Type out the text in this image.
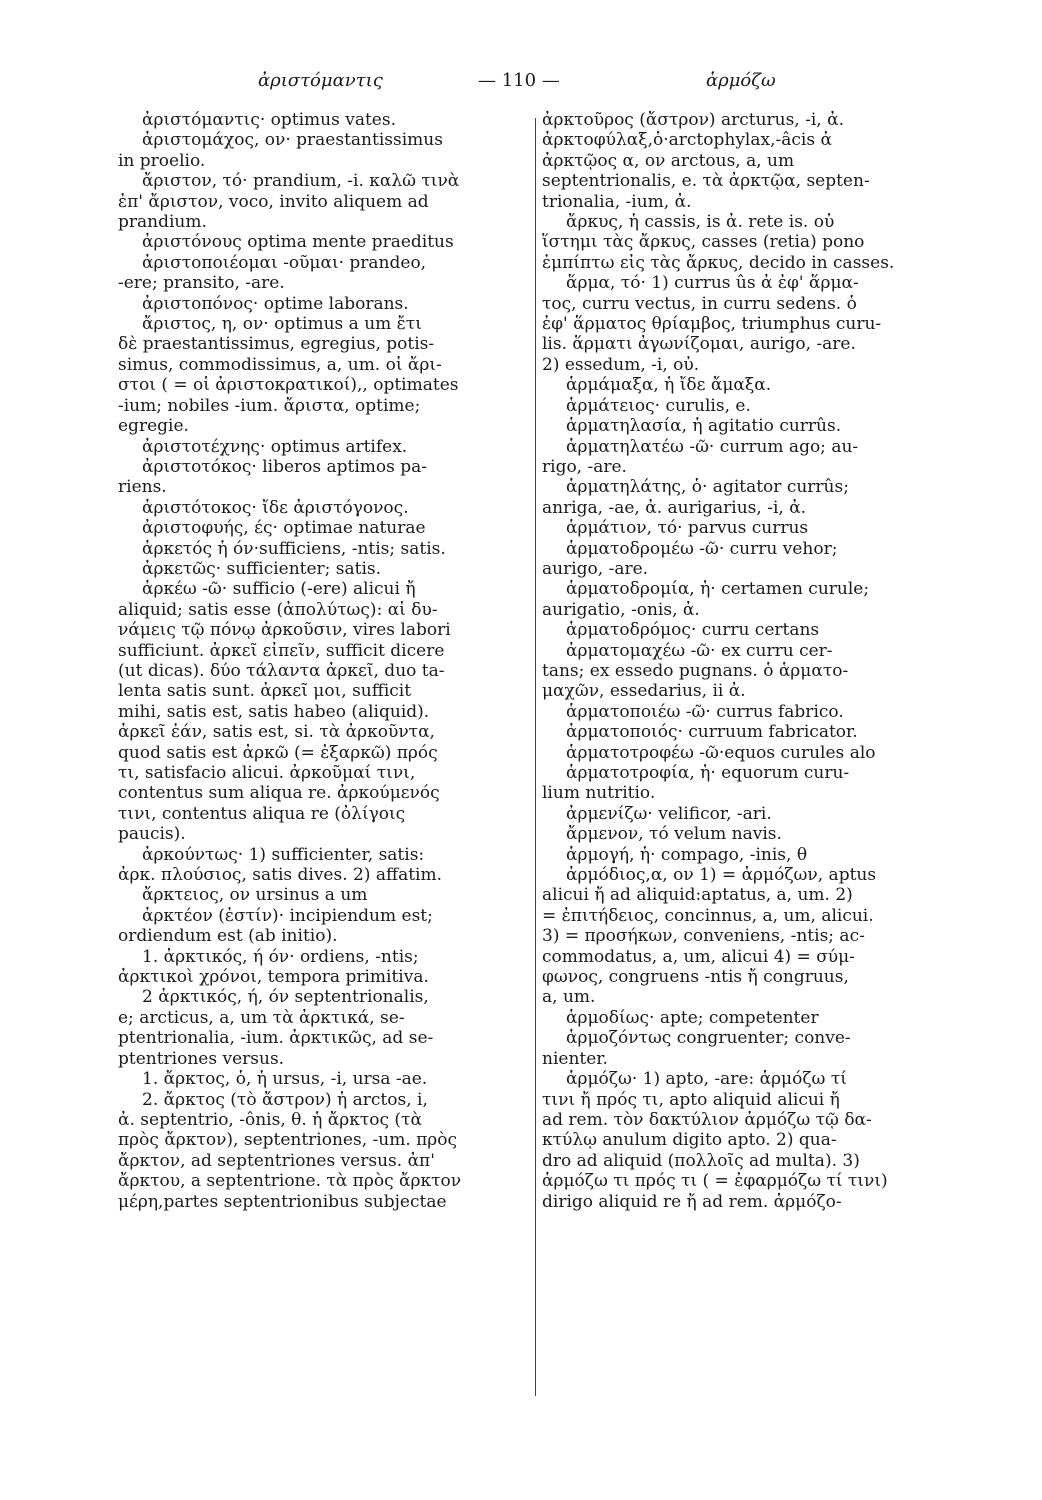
ἀριστόμαντις	— 110 —	ἁρμόζω
ἀριστόμαντις· optimus vates.
ἀριστομάχος, ον· praestantissimus
in proelio.
ἄριστον, τό· prandium, -i. καλῶ τινὰ
ἐπ' ἄριστον, voco, invito aliquem ad
prandium.
ἀριστόνους optima mente praeditus
ἀριστοποιέομαι -οῦμαι· prandeo,
-ere; pransito, -are.
ἀριστοπόνος· optime laborans.
ἄριστος, η, ον· optimus a um ἔτι
δὲ praestantissimus, egregius, potis-
simus, commodissimus, a, um. οἱ ἄρι-
στοι ( = οἱ ἀριστοκρατικοί),, optimates
-ium; nobiles -ium. ἄριστα, optime;
egregie.
ἀριστοτέχνης· optimus artifex.
ἀριστοτόκος· liberos aptimos pa-
riens.
ἀριστότοκος· ἴδε ἀριστόγονος.
ἀριστοφυής, ές· optimae naturae
ἀρκετός ἡ όν·sufficiens, -ntis; satis.
ἀρκετῶς· sufficienter; satis.
ἀρκέω -ῶ· sufficio (-ere) alicui ἤ
aliquid; satis esse (ἀπολύτως): αἱ δυ-
νάμεις τῷ πόνῳ ἀρκοῦσιν, vires labori
sufficiunt. ἀρκεῖ εἰπεῖν, sufficit dicere
(ut dicas). δύο τάλαντα ἀρκεῖ, duo ta-
lenta satis sunt. ἀρκεῖ μοι, sufficit
mihi, satis est, satis habeo (aliquid).
ἀρκεῖ ἐάν, satis est, si. τὰ ἀρκοῦντα,
quod satis est ἀρκῶ (= ἐξαρκῶ) πρός
τι, satisfacio alicui. ἀρκοῦμαί τινι,
contentus sum aliqua re. ἀρκούμενός
τινι, contentus aliqua re (ὀλίγοις
paucis).
ἀρκούντως· 1) sufficienter, satis:
ἀρκ. πλούσιος, satis dives. 2) affatim.
ἄρκτειος, ον ursinus a um
ἀρκτέον (ἐστίν)· incipiendum est;
ordiendum est (ab initio).
1. ἀρκτικός, ή όν· ordiens, -ntis;
ἀρκτικοὶ χρόνοι, tempora primitiva.
2 ἀρκτικός, ή, όν septentrionalis,
e; arcticus, a, um τὰ ἀρκτικά, se-
ptentrionalia, -ium. ἀρκτικῶς, ad se-
ptentriones versus.
1. ἄρκτος, ὁ, ἡ ursus, -i, ursa -ae.
2. ἄρκτος (τὸ ἄστρον) ἡ arctos, i,
ἀ. septentrio, -ônis, θ. ἡ ἄρκτος (τὰ
πρὸς ἄρκτον), septentriones, -um. πρὸς
ἄρκτον, ad septentriones versus. ἀπ'
ἄρκτου, a septentrione. τὰ πρὸς ἄρκτον
μέρη,partes septentrionibus subjectae
ἀρκτοῦρος (ἄστρον) arcturus, -i, ἀ.
ἀρκτοφύλαξ,ὁ·arctophylax,-âcis ἀ
ἀρκτῷος α, ον arctous, a, um
septentrionalis, e. τὰ ἀρκτῷα, septen-
trionalia, -ium, ἀ.
ἄρκυς, ἡ cassis, is ἀ. rete is. οὐ
ἵστημι τὰς ἄρκυς, casses (retia) pono
ἐμπίπτω εἰς τὰς ἄρκυς, decido in casses.
ἅρμα, τό· 1) currus ûs ἀ ἐφ' ἅρμα-
τος, curru vectus, in curru sedens. ὁ
ἐφ' ἅρματος θρίαμβος, triumphus curu-
lis. ἅρματι ἀγωνίζομαι, aurigo, -are.
2) essedum, -i, οὐ.
ἁρμάμαξα, ἡ ἴδε ἄμαξα.
ἁρμάτειος· curulis, e.
ἁρματηλασία, ἡ agitatio currûs.
ἁρματηλατέω -ῶ· currum ago; au-
rigo, -are.
ἁρματηλάτης, ὁ· agitator currûs;
anriga, -ae, ἀ. aurigarius, -i, ἀ.
ἁρμάτιον, τό· parvus currus
ἁρματοδρομέω -ῶ· curru vehor;
aurigo, -are.
ἁρματοδρομία, ἡ· certamen curule;
aurigatio, -onis, ἀ.
ἁρματοδρόμος· curru certans
ἁρματομαχέω -ῶ· ex curru cer-
tans; ex essedo pugnans. ὁ ἁρματο-
μαχῶν, essedarius, ii ἀ.
ἁρματοποιέω -ῶ· currus fabrico.
ἁρματοποιός· curruum fabricator.
ἁρματοτροφέω -ῶ·equos curules alo
ἁρματοτροφία, ἡ· equorum curu-
lium nutritio.
ἀρμενίζω· velificor, -ari.
ἄρμενον, τό velum navis.
ἁρμογή, ἡ· compago, -inis, θ
ἁρμόδιος,α, ον 1) = ἁρμόζων, aptus
alicui ἤ ad aliquid:aptatus, a, um. 2)
= ἐπιτήδειος, concinnus, a, um, alicui.
3) = προσήκων, conveniens, -ntis; ac-
commodatus, a, um, alicui 4) = σύμ-
φωνος, congruens -ntis ἤ congruus,
a, um.
ἁρμοδίως· apte; competenter
ἁρμοζόντως congruenter; conve-
nienter.
ἁρμόζω· 1) apto, -are: ἁρμόζω τί
τινι ἤ πρός τι, apto aliquid alicui ἤ
ad rem. τὸν δακτύλιον ἁρμόζω τῷ δα-
κτύλῳ anulum digito apto. 2) qua-
dro ad aliquid (πολλοῖς ad multa). 3)
ἁρμόζω τι πρός τι ( = ἐφαρμόζω τί τινι)
dirigo aliquid re ἤ ad rem. ἁρμόζο-
